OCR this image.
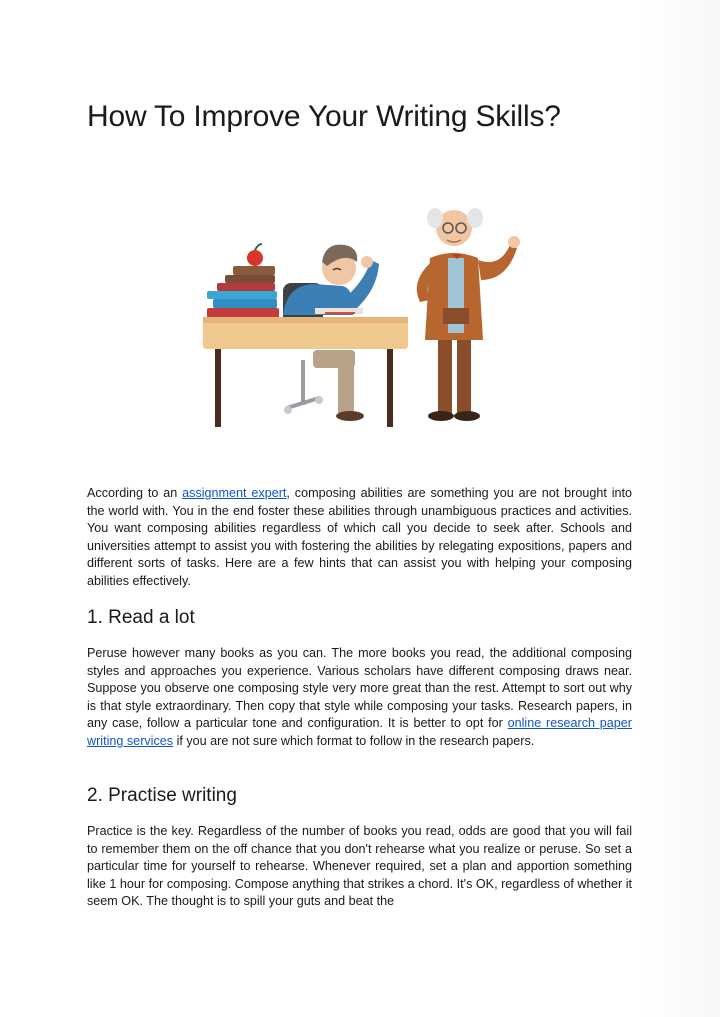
How To Improve Your Writing Skills?

According to an assignment expert, composing abilities are something you are not brought into the world with. You in the end foster these abilities through unambiguous practices and activities. You want composing abilities regardless of which call you decide to seek after. Schools and universities attempt to assist you with fostering the abilities by relegating expositions, papers and different sorts of tasks. Here are a few hints that can assist you with helping your composing abilities effectively.

1. Read a lot

Peruse however many books as you can. The more books you read, the additional composing styles and approaches you experience. Various scholars have different composing draws near. Suppose you observe one composing style very more great than the rest. Attempt to sort out why is that style extraordinary. Then copy that style while composing your tasks. Research papers, in any case, follow a particular tone and configuration. It is better to opt for online research paper writing services if you are not sure which format to follow in the research papers.

2. Practise writing

Practice is the key. Regardless of the number of books you read, odds are good that you will fail to remember them on the off chance that you don't rehearse what you realize or peruse. So set a particular time for yourself to rehearse. Whenever required, set a plan and apportion something like 1 hour for composing. Compose anything that strikes a chord. It's OK, regardless of whether it seem OK. The thought is to spill your guts and beat the
